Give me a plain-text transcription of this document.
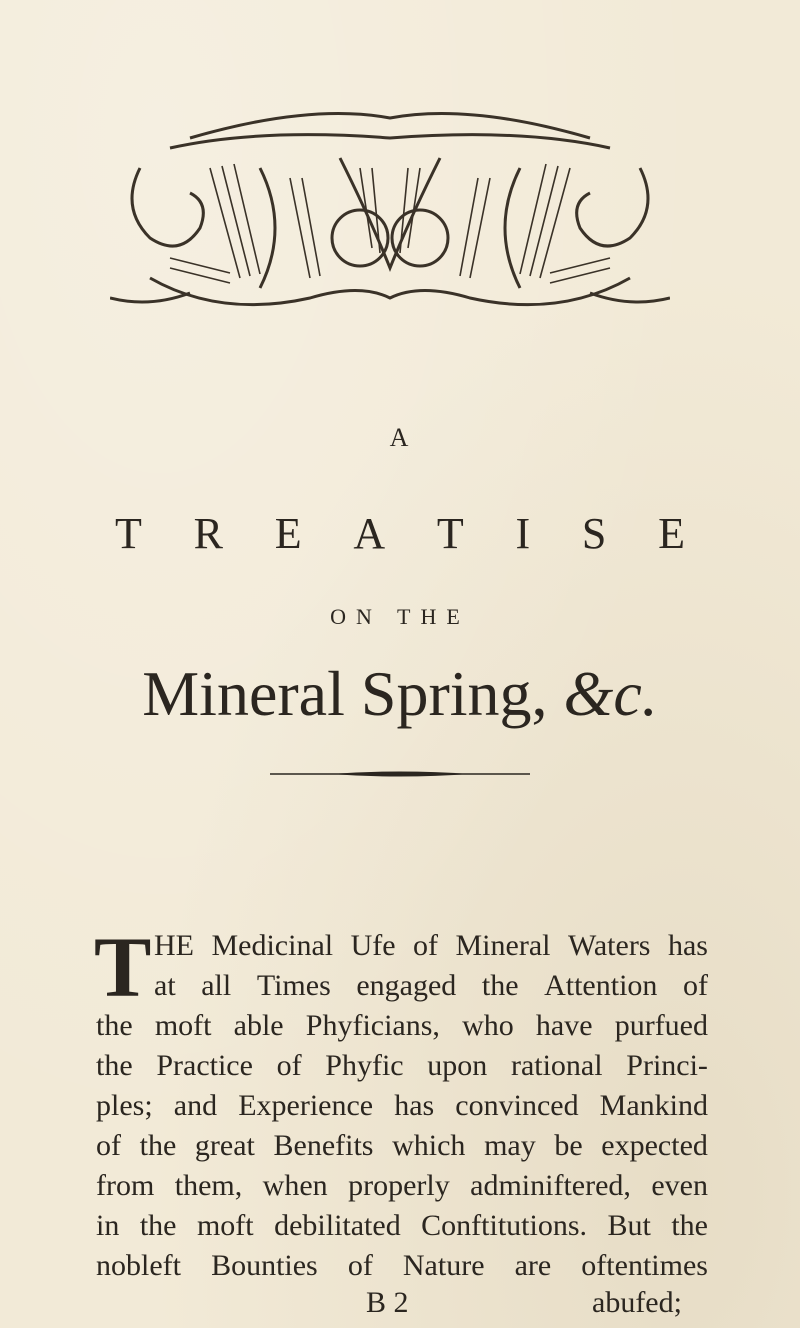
A
T R E A T I S E
ON THE
Mineral Spring, &c.
T HE Medicinal Ufe of Mineral Waters has
at all Times engaged the Attention of
the moft able Phyficians, who have purfued
the Practice of Phyfic upon rational Princi-
ples; and Experience has convinced Mankind
of the great Benefits which may be expected
from them, when properly adminiftered, even
in the moft debilitated Conftitutions. But the
nobleft Bounties of Nature are oftentimes
B 2	abufed;
